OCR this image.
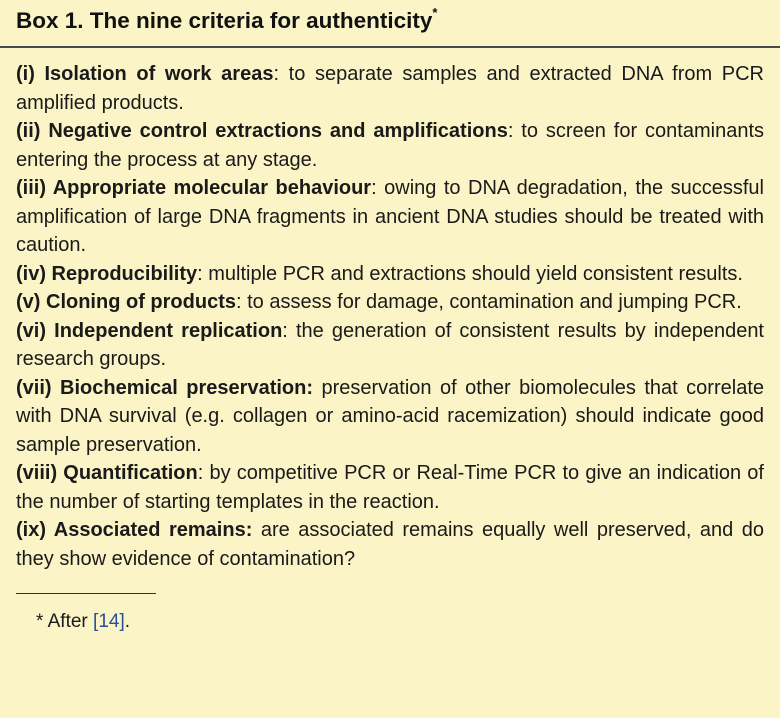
Box 1. The nine criteria for authenticity*
(i) Isolation of work areas: to separate samples and extracted DNA from PCR amplified products.
(ii) Negative control extractions and amplifications: to screen for contaminants entering the process at any stage.
(iii) Appropriate molecular behaviour: owing to DNA degradation, the successful amplification of large DNA fragments in ancient DNA studies should be treated with caution.
(iv) Reproducibility: multiple PCR and extractions should yield consistent results.
(v) Cloning of products: to assess for damage, contamination and jumping PCR.
(vi) Independent replication: the generation of consistent results by independent research groups.
(vii) Biochemical preservation: preservation of other biomolecules that correlate with DNA survival (e.g. collagen or amino-acid racemization) should indicate good sample preservation.
(viii) Quantification: by competitive PCR or Real-Time PCR to give an indication of the number of starting templates in the reaction.
(ix) Associated remains: are associated remains equally well preserved, and do they show evidence of contamination?
* After [14].
